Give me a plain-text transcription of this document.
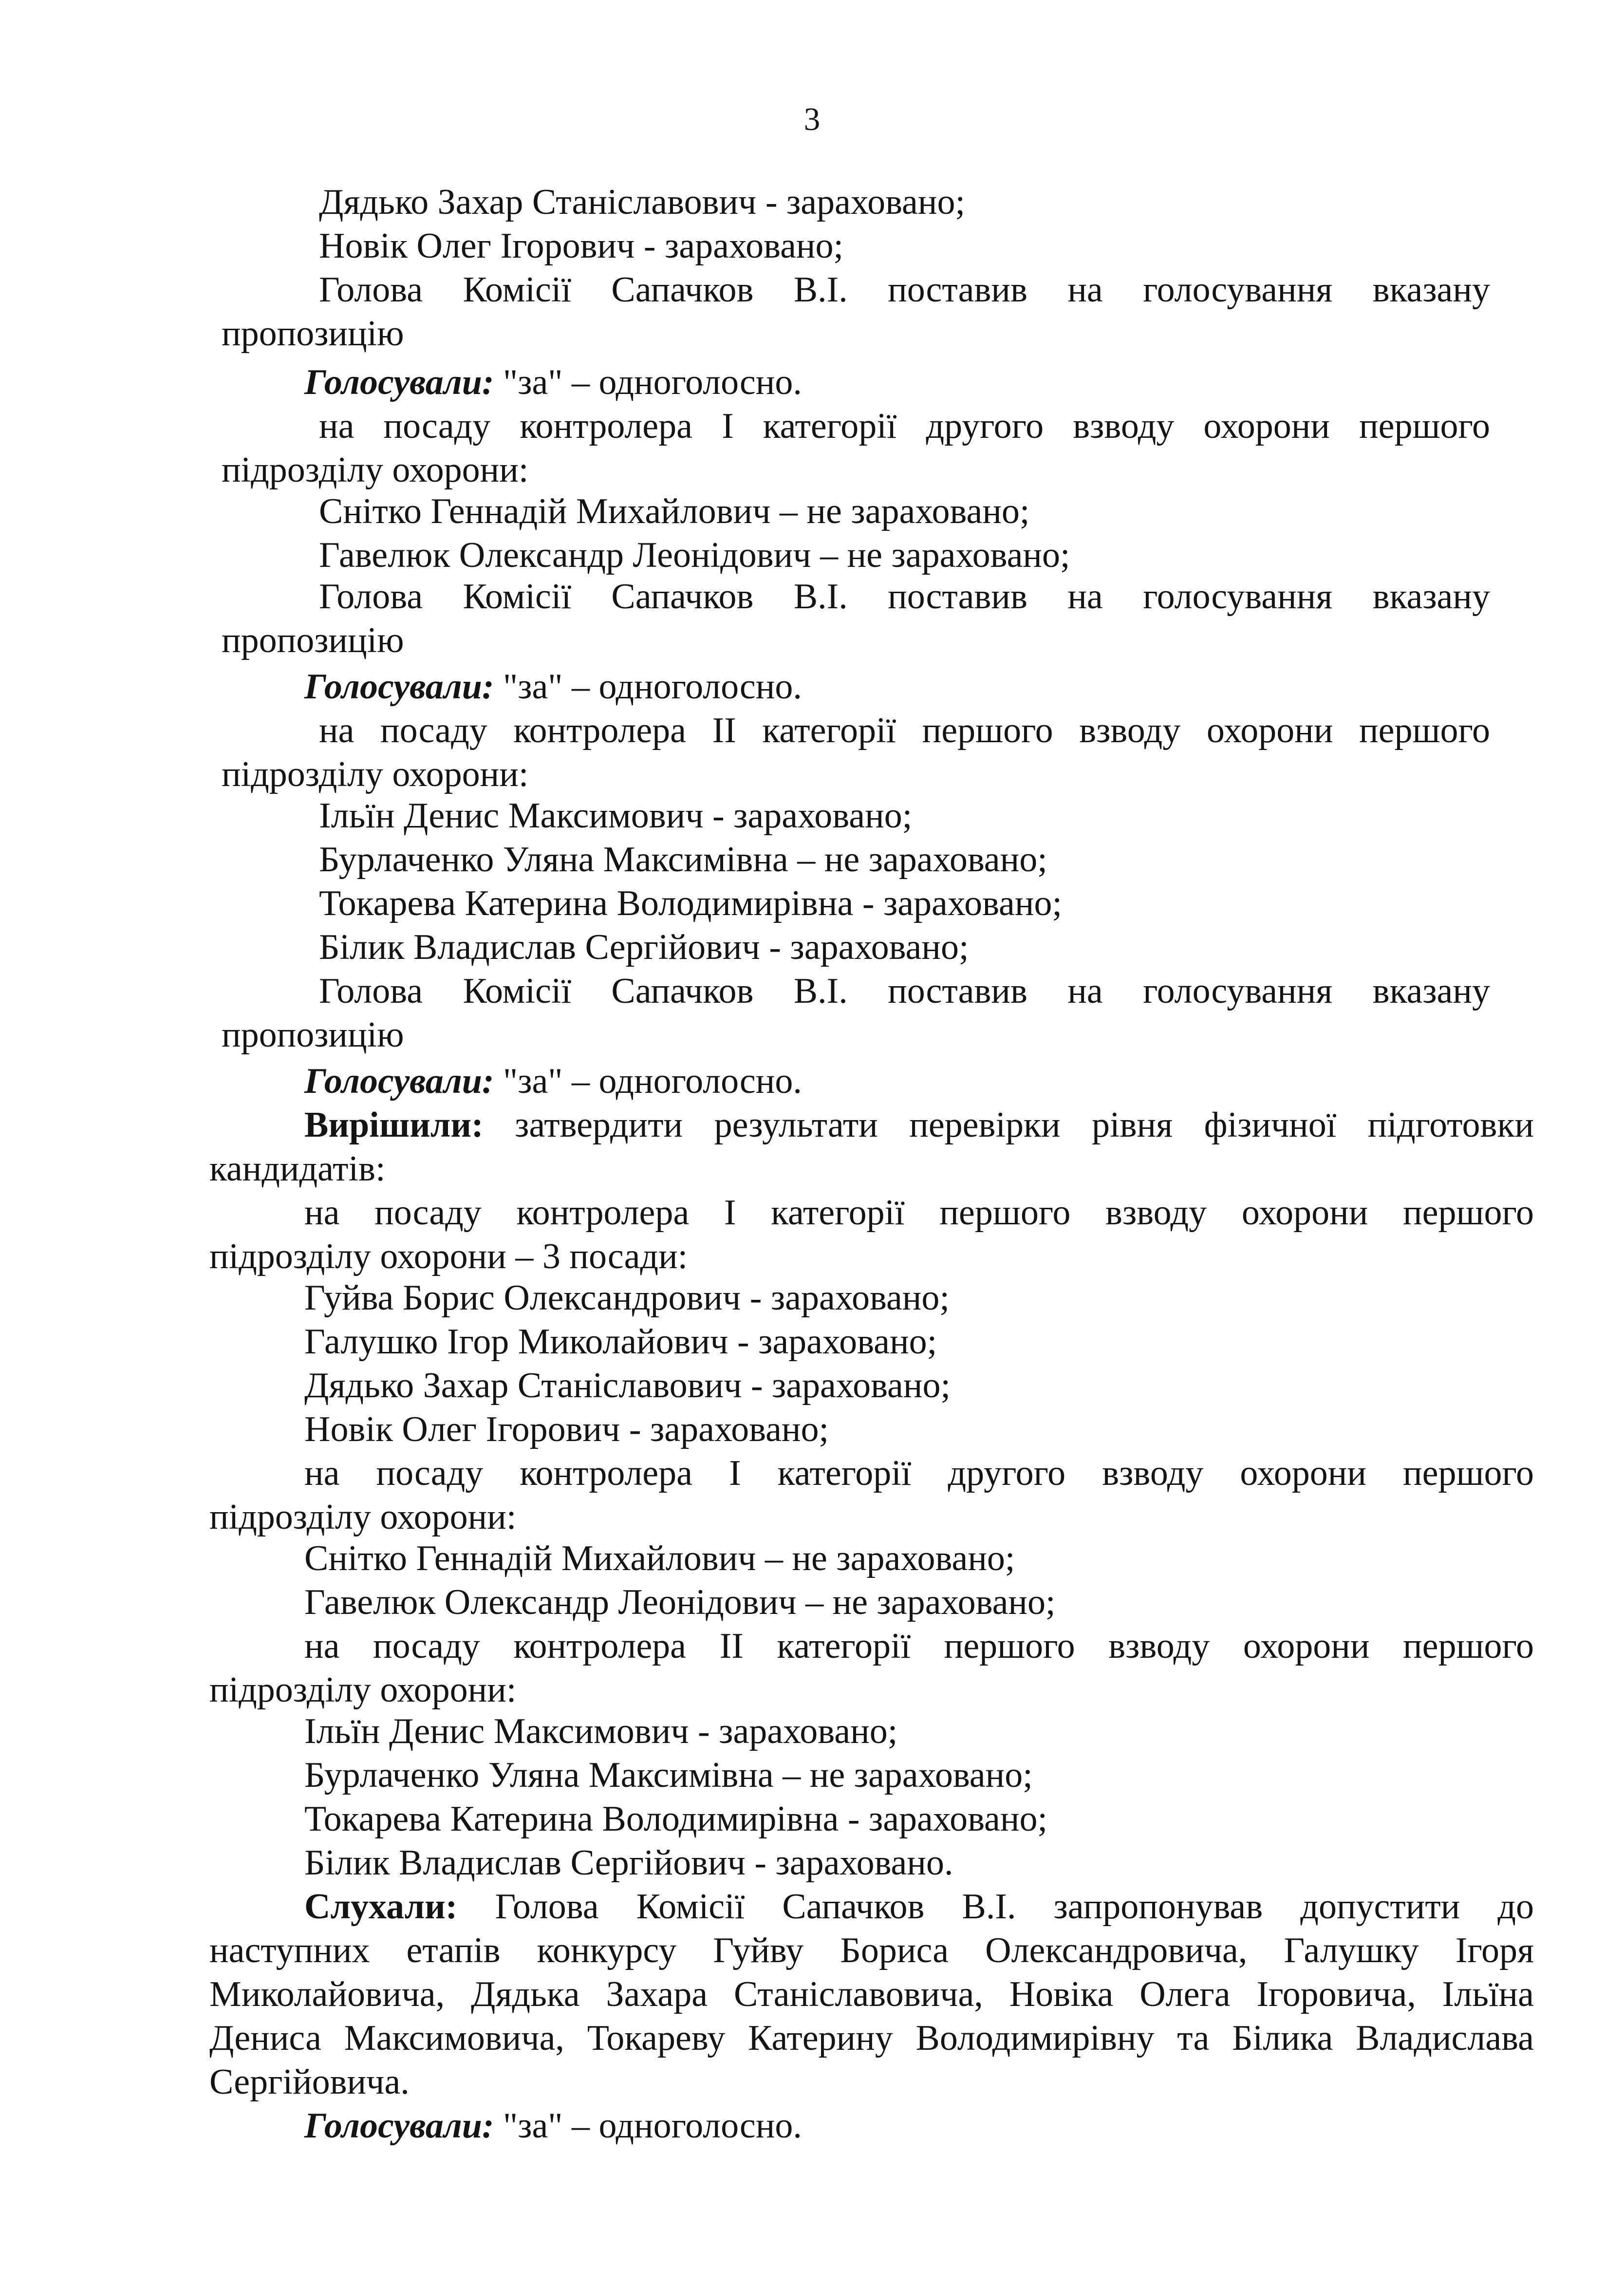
3
Дядько Захар Станіславович - зараховано;
Новік Олег Ігорович - зараховано;
Голова Комісії Сапачков В.І. поставив на голосування вказану
пропозицію
Голосували: "за" – одноголосно.
на посаду контролера І категорії другого взводу охорони першого
підрозділу охорони:
Снітко Геннадій Михайлович – не зараховано;
Гавелюк Олександр Леонідович – не зараховано;
Голова Комісії Сапачков В.І. поставив на голосування вказану
пропозицію
Голосували: "за" – одноголосно.
на посаду контролера ІІ категорії першого взводу охорони першого
підрозділу охорони:
Ільїн Денис Максимович - зараховано;
Бурлаченко Уляна Максимівна – не зараховано;
Токарева Катерина Володимирівна - зараховано;
Білик Владислав Сергійович - зараховано;
Голова Комісії Сапачков В.І. поставив на голосування вказану
пропозицію
Голосували: "за" – одноголосно.
Вирішили: затвердити результати перевірки рівня фізичної підготовки
кандидатів:
на посаду контролера І категорії першого взводу охорони першого
підрозділу охорони – 3 посади:
Гуйва Борис Олександрович - зараховано;
Галушко Ігор Миколайович - зараховано;
Дядько Захар Станіславович - зараховано;
Новік Олег Ігорович - зараховано;
на посаду контролера І категорії другого взводу охорони першого
підрозділу охорони:
Снітко Геннадій Михайлович – не зараховано;
Гавелюк Олександр Леонідович – не зараховано;
на посаду контролера ІІ категорії першого взводу охорони першого
підрозділу охорони:
Ільїн Денис Максимович - зараховано;
Бурлаченко Уляна Максимівна – не зараховано;
Токарева Катерина Володимирівна - зараховано;
Білик Владислав Сергійович - зараховано.
Слухали: Голова Комісії Сапачков В.І. запропонував допустити до
наступних етапів конкурсу Гуйву Бориса Олександровича, Галушку Ігоря
Миколайовича, Дядька Захара Станіславовича, Новіка Олега Ігоровича, Ільїна
Дениса Максимовича, Токареву Катерину Володимирівну та Білика Владислава
Сергійовича.
Голосували: "за" – одноголосно.
